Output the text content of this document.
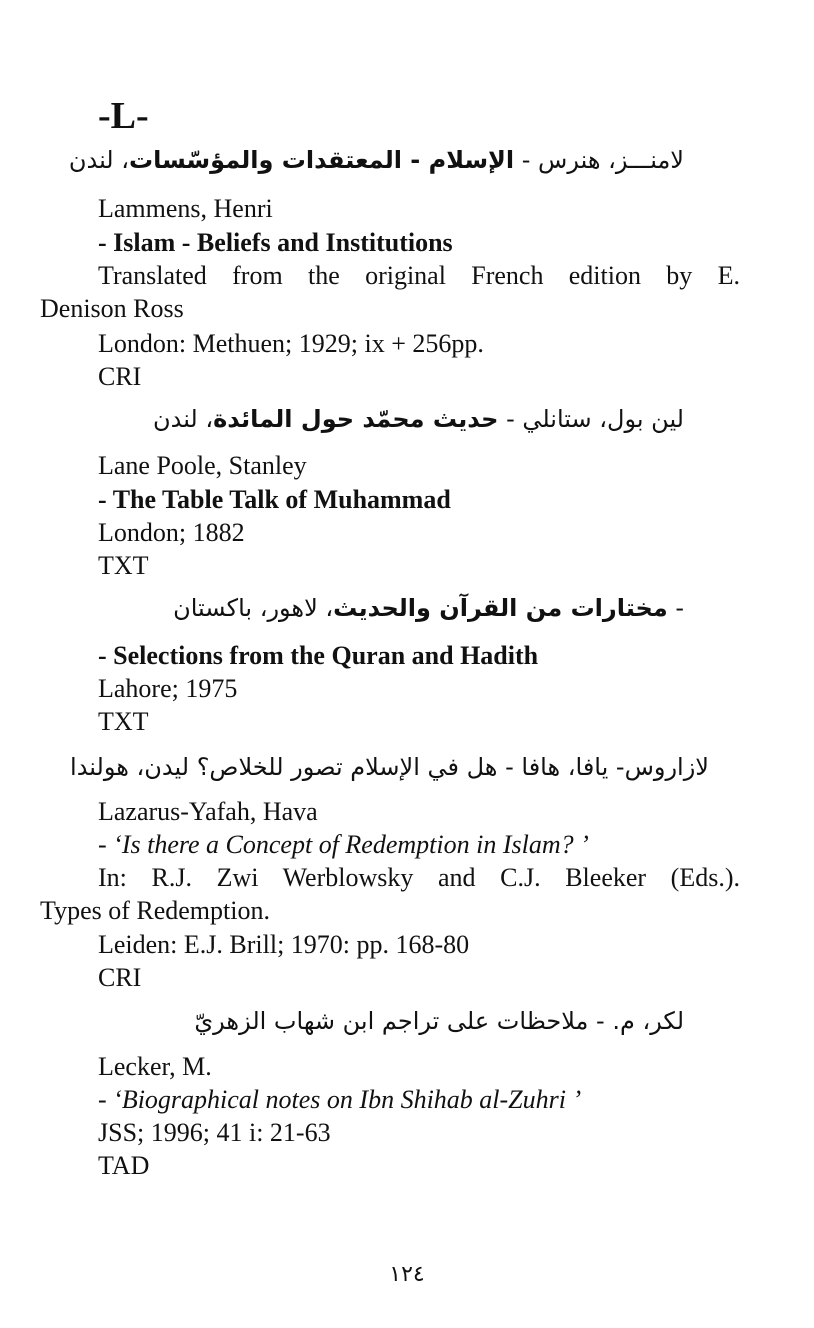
-L-
لامنـــز، هنرس - الإسلام - المعتقدات والمؤسّسات، لندن
Lammens, Henri
- Islam - Beliefs and Institutions
Translated from the original French edition by E.
Denison Ross
London: Methuen; 1929; ix + 256pp.
CRI
لين بول، ستانلي - حديث محمّد حول المائدة، لندن
Lane Poole, Stanley
- The Table Talk of Muhammad
London; 1882
TXT
- مختارات من القرآن والحديث، لاهور، باكستان
- Selections from the Quran and Hadith
Lahore; 1975
TXT
لازاروس- يافا، هافا - هل في الإسلام تصور للخلاص؟ ليدن، هولندا
Lazarus-Yafah, Hava
- ‘Is there a Concept of Redemption in Islam? ’
In: R.J. Zwi Werblowsky and C.J. Bleeker (Eds.).
Types of Redemption.
Leiden: E.J. Brill; 1970: pp. 168-80
CRI
لكر، م. - ملاحظات على تراجم ابن شهاب الزهريّ
Lecker, M.
- ‘Biographical notes on Ibn Shihab al-Zuhri ’
JSS; 1996; 41 i: 21-63
TAD
١٢٤
